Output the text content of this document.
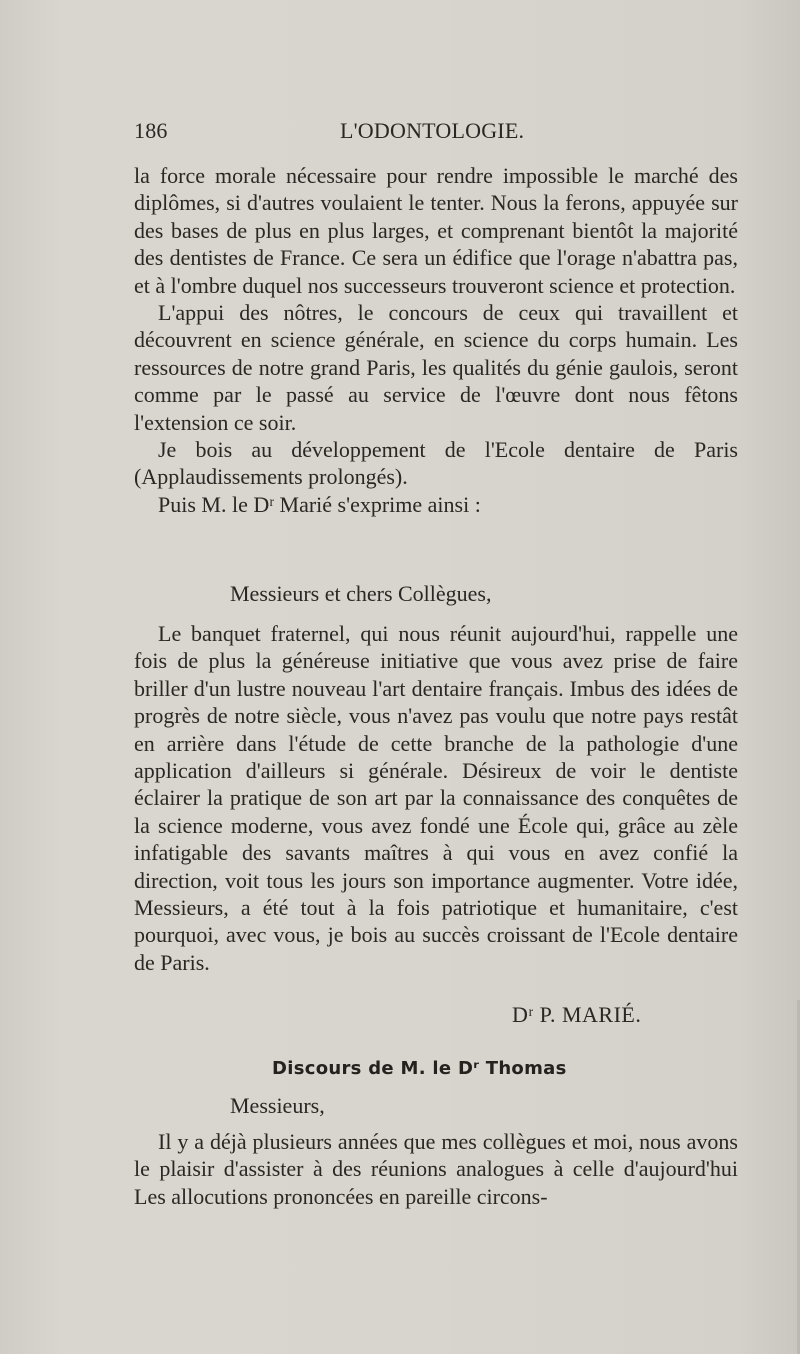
186	L'ODONTOLOGIE.

la force morale nécessaire pour rendre impossible le marché des diplômes, si d'autres voulaient le tenter. Nous la ferons, appuyée sur des bases de plus en plus larges, et comprenant bientôt la majorité des dentistes de France. Ce sera un édifice que l'orage n'abattra pas, et à l'ombre duquel nos successeurs trouveront science et protection.

L'appui des nôtres, le concours de ceux qui travaillent et découvrent en science générale, en science du corps humain. Les ressources de notre grand Paris, les qualités du génie gaulois, seront comme par le passé au service de l'œuvre dont nous fêtons l'extension ce soir.

Je bois au développement de l'Ecole dentaire de Paris (Applaudissements prolongés).

Puis M. le Dʳ Marié s'exprime ainsi :

Messieurs et chers Collègues,

Le banquet fraternel, qui nous réunit aujourd'hui, rappelle une fois de plus la généreuse initiative que vous avez prise de faire briller d'un lustre nouveau l'art dentaire français. Imbus des idées de progrès de notre siècle, vous n'avez pas voulu que notre pays restât en arrière dans l'étude de cette branche de la pathologie d'une application d'ailleurs si générale. Désireux de voir le dentiste éclairer la pratique de son art par la connaissance des conquêtes de la science moderne, vous avez fondé une École qui, grâce au zèle infatigable des savants maîtres à qui vous en avez confié la direction, voit tous les jours son importance augmenter. Votre idée, Messieurs, a été tout à la fois patriotique et humanitaire, c'est pourquoi, avec vous, je bois au succès croissant de l'Ecole dentaire de Paris.

Dʳ P. MARIÉ.
Discours de M. le Dʳ Thomas
Messieurs,

Il y a déjà plusieurs années que mes collègues et moi, nous avons le plaisir d'assister à des réunions analogues à celle d'aujourd'hui Les allocutions prononcées en pareille circons-
